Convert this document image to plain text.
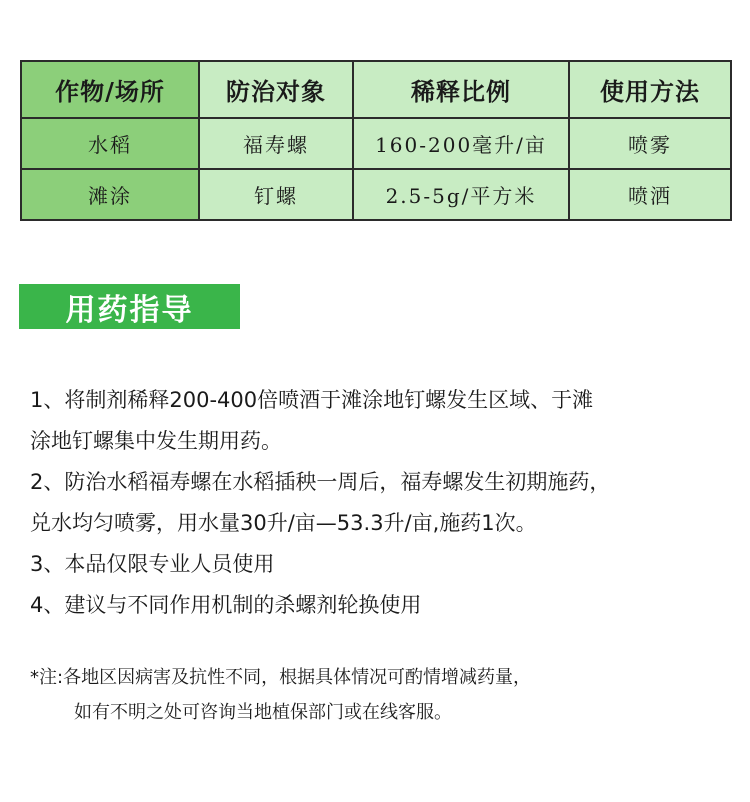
作物/场所	防治对象	稀释比例	使用方法
水稻	福寿螺	160-200毫升/亩	喷雾
滩涂	钉螺	2.5-5g/平方米	喷洒
用药指导

1、将制剂稀释200-400倍喷酒于滩涂地钉螺发生区域、于滩

涂地钉螺集中发生期用药。

2、防治水稻福寿螺在水稻插秧一周后，福寿螺发生初期施药，

兑水均匀喷雾，用水量30升/亩—53.3升/亩,施药1次。

3、本品仅限专业人员使用

4、建议与不同作用机制的杀螺剂轮换使用

*注:各地区因病害及抗性不同，根据具体情况可酌情增减药量，

如有不明之处可咨询当地植保部门或在线客服。
